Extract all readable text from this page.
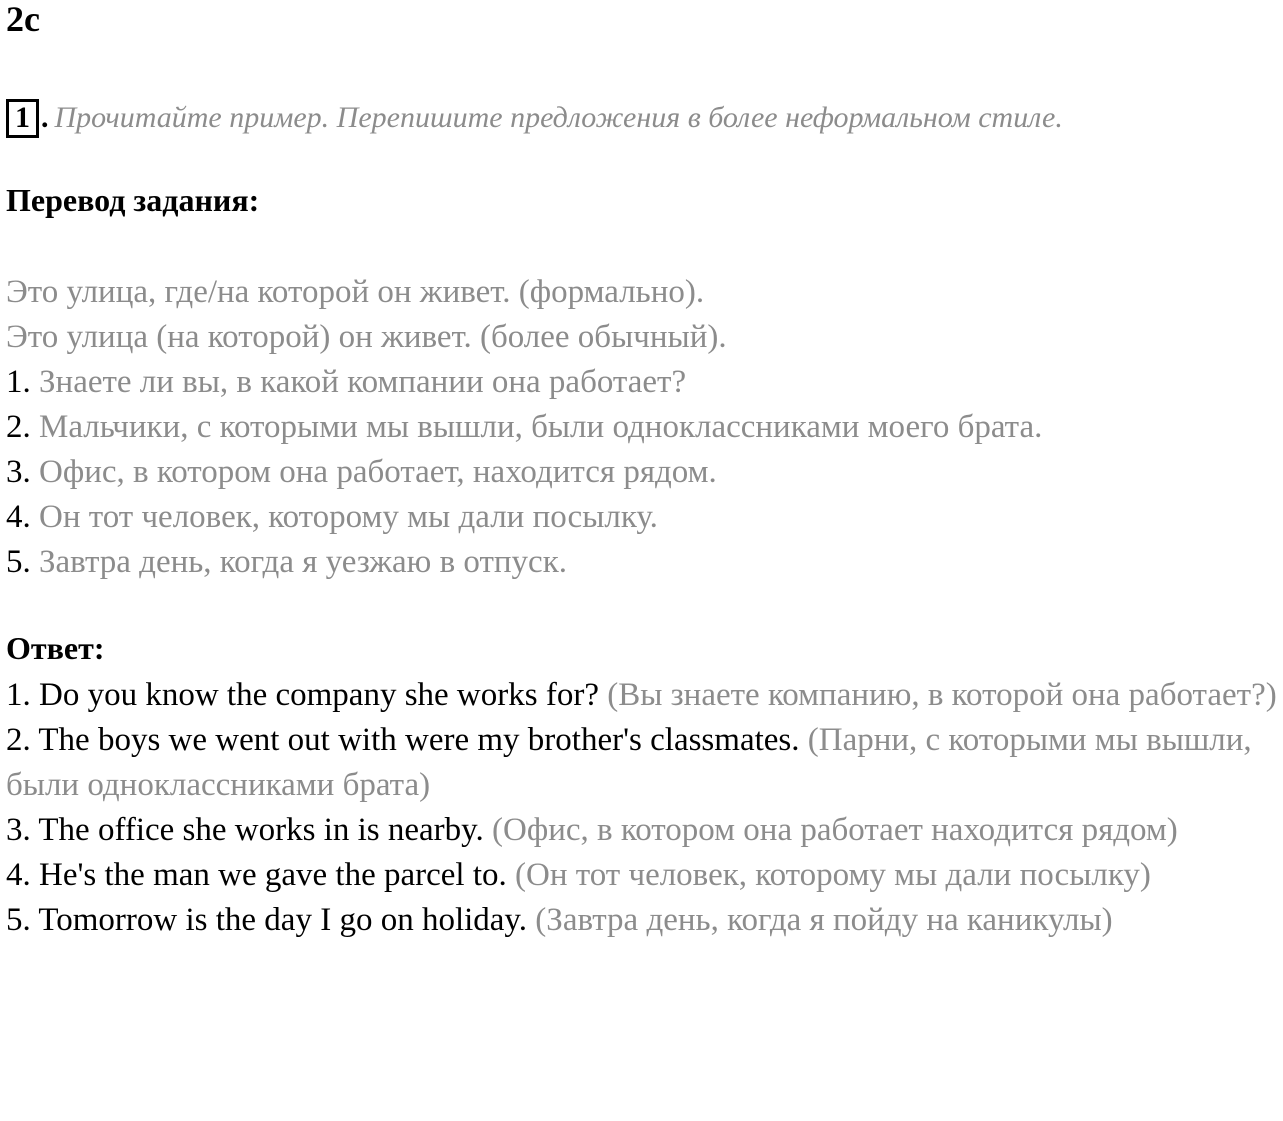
2c
1 . Прочитайте пример. Перепишите предложения в более неформальном стиле.
Перевод задания:
Это улица, где/на которой он живет. (формально).
Это улица (на которой) он живет. (более обычный).
1. Знаете ли вы, в какой компании она работает?
2. Мальчики, с которыми мы вышли, были одноклассниками моего брата.
3. Офис, в котором она работает, находится рядом.
4. Он тот человек, которому мы дали посылку.
5. Завтра день, когда я уезжаю в отпуск.
Ответ:

1. Do you know the company she works for? (Вы знаете компанию, в которой она работает?)

2. The boys we went out with were my brother's classmates. (Парни, с которыми мы вышли, были одноклассниками брата)

3. The office she works in is nearby. (Офис, в котором она работает находится рядом)

4. He's the man we gave the parcel to. (Он тот человек, которому мы дали посылку)

5. Tomorrow is the day I go on holiday. (Завтра день, когда я пойду на каникулы)
